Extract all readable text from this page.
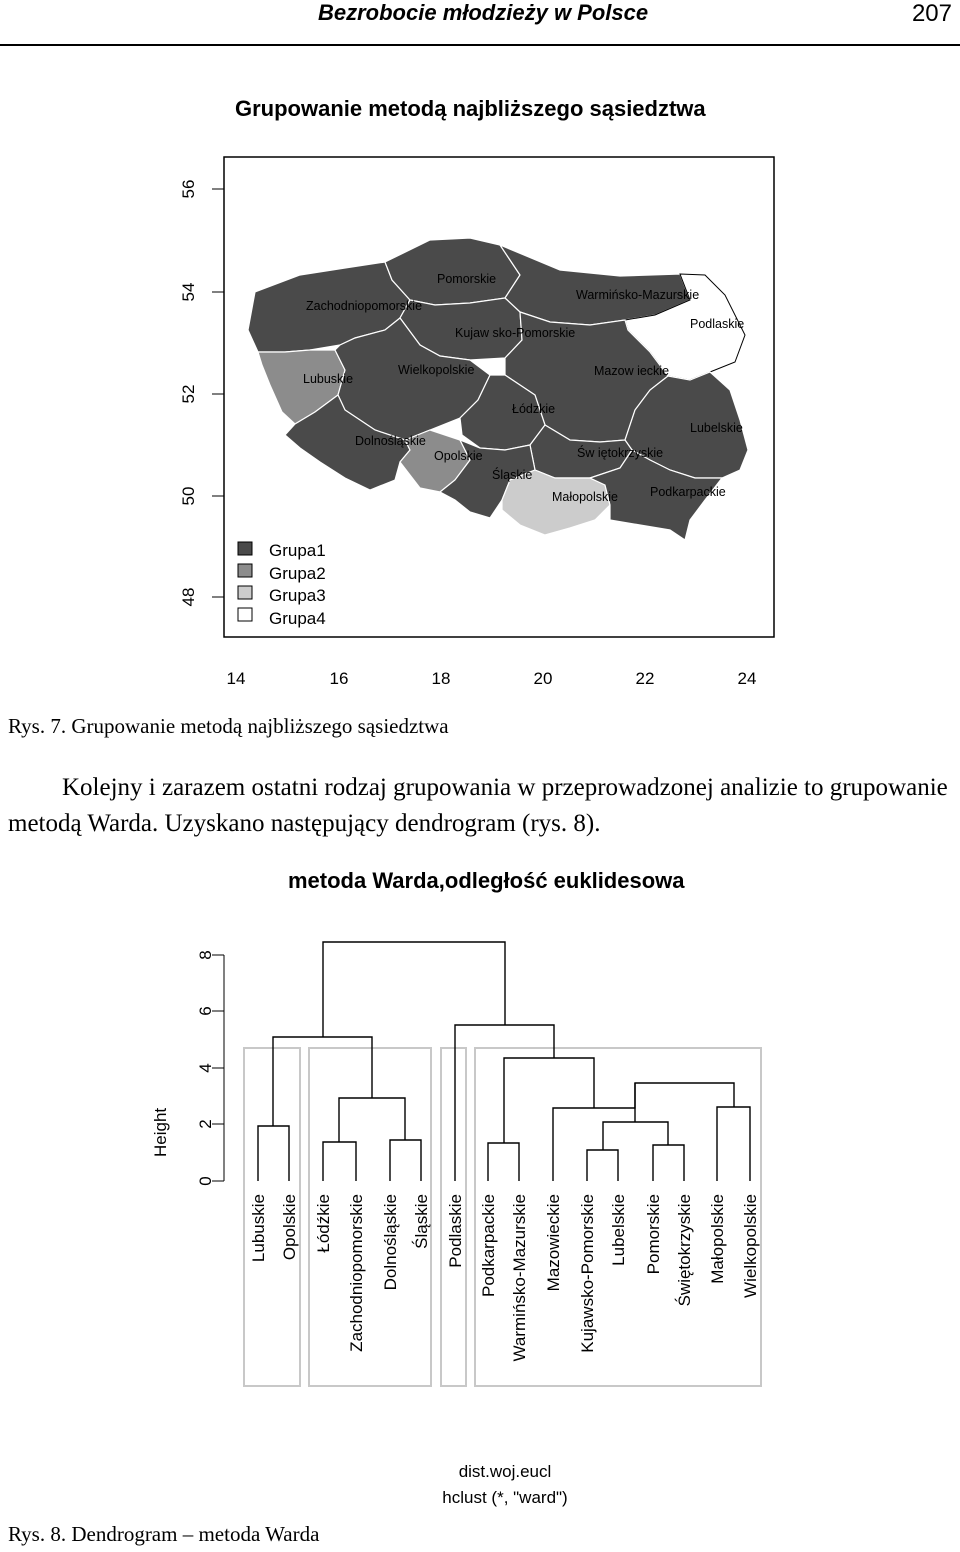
Bezrobocie młodzieży w Polsce	207
Grupowanie metodą najbliższego sąsiedztwa
56
54
52
50
48
14	16	18	20	22	24
Pomorskie
Zachodniopomorskie
Warmińsko-Mazurskie
Podlaskie
Kujaw sko-Pomorskie
Lubuskie
Wielkopolskie	Mazow ieckie
Łódzkie
Lubelskie
Dolnośląskie
Opolskie	Św iętokrzyskie
Śląskie
Małopolskie	Podkarpackie
Grupa1
Grupa2
Grupa3
Grupa4
Rys. 7. Grupowanie metodą najbliższego sąsiedztwa

Kolejny i zarazem ostatni rodzaj grupowania w przeprowadzonej analizie to grupowanie metodą Warda. Uzyskano następujący dendrogram (rys. 8).

metoda Warda,odległość euklidesowa
0
2
4
6
8
Height
Lubuskie Opolskie Łódźkie Zachodniopomorskie Dolnośląskie Śląskie Podlaskie Podkarpackie Warmińsko-Mazurskie Mazowieckie Kujawsko-Pomorskie Lubelskie Pomorskie Świętokrzyskie Małopolskie Wielkopolskie
dist.woj.eucl
hclust (*, "ward")
Rys. 8. Dendrogram – metoda Warda
